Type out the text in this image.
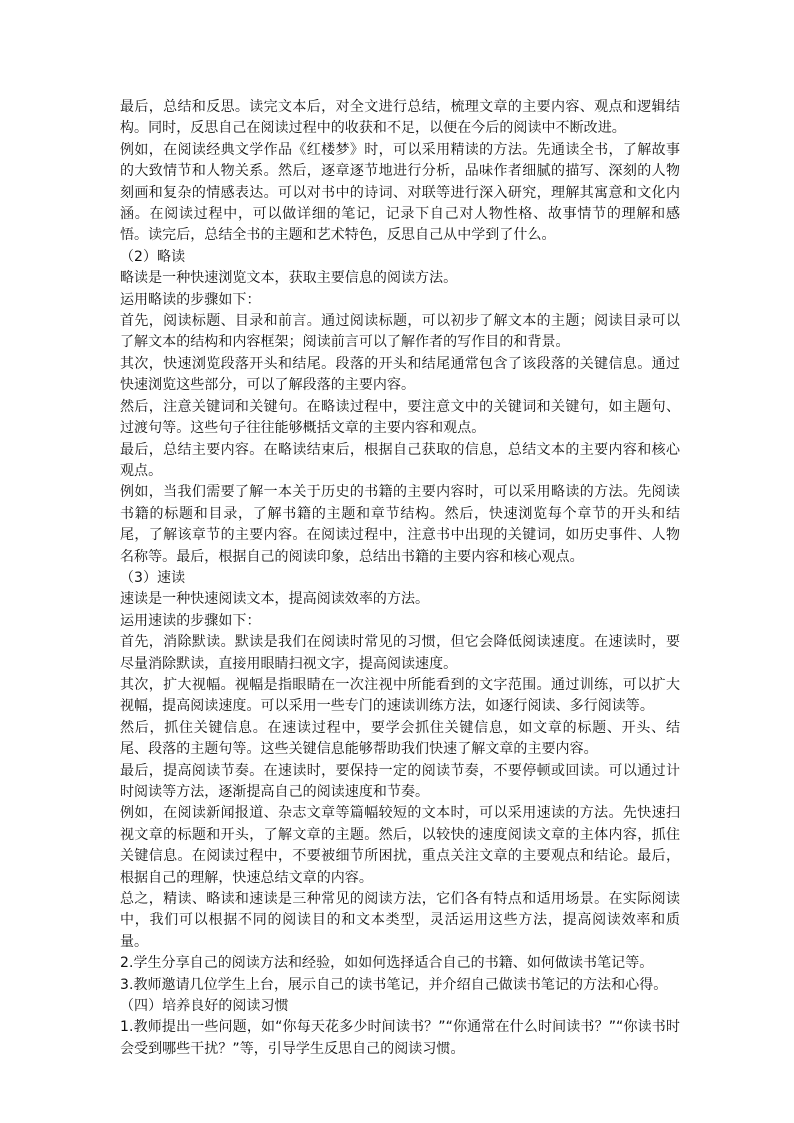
最后，总结和反思。读完文本后，对全文进行总结，梳理文章的主要内容、观点和逻辑结构。同时，反思自己在阅读过程中的收获和不足，以便在今后的阅读中不断改进。

例如，在阅读经典文学作品《红楼梦》时，可以采用精读的方法。先通读全书，了解故事的大致情节和人物关系。然后，逐章逐节地进行分析，品味作者细腻的描写、深刻的人物刻画和复杂的情感表达。可以对书中的诗词、对联等进行深入研究，理解其寓意和文化内涵。在阅读过程中，可以做详细的笔记，记录下自己对人物性格、故事情节的理解和感悟。读完后，总结全书的主题和艺术特色，反思自己从中学到了什么。

（2）略读

略读是一种快速浏览文本，获取主要信息的阅读方法。

运用略读的步骤如下：

首先，阅读标题、目录和前言。通过阅读标题，可以初步了解文本的主题；阅读目录可以了解文本的结构和内容框架；阅读前言可以了解作者的写作目的和背景。

其次，快速浏览段落开头和结尾。段落的开头和结尾通常包含了该段落的关键信息。通过快速浏览这些部分，可以了解段落的主要内容。

然后，注意关键词和关键句。在略读过程中，要注意文中的关键词和关键句，如主题句、过渡句等。这些句子往往能够概括文章的主要内容和观点。

最后，总结主要内容。在略读结束后，根据自己获取的信息，总结文本的主要内容和核心观点。

例如，当我们需要了解一本关于历史的书籍的主要内容时，可以采用略读的方法。先阅读书籍的标题和目录，了解书籍的主题和章节结构。然后，快速浏览每个章节的开头和结尾，了解该章节的主要内容。在阅读过程中，注意书中出现的关键词，如历史事件、人物名称等。最后，根据自己的阅读印象，总结出书籍的主要内容和核心观点。

（3）速读

速读是一种快速阅读文本，提高阅读效率的方法。

运用速读的步骤如下：

首先，消除默读。默读是我们在阅读时常见的习惯，但它会降低阅读速度。在速读时，要尽量消除默读，直接用眼睛扫视文字，提高阅读速度。

其次，扩大视幅。视幅是指眼睛在一次注视中所能看到的文字范围。通过训练，可以扩大视幅，提高阅读速度。可以采用一些专门的速读训练方法，如逐行阅读、多行阅读等。

然后，抓住关键信息。在速读过程中，要学会抓住关键信息，如文章的标题、开头、结尾、段落的主题句等。这些关键信息能够帮助我们快速了解文章的主要内容。

最后，提高阅读节奏。在速读时，要保持一定的阅读节奏，不要停顿或回读。可以通过计时阅读等方法，逐渐提高自己的阅读速度和节奏。

例如，在阅读新闻报道、杂志文章等篇幅较短的文本时，可以采用速读的方法。先快速扫视文章的标题和开头，了解文章的主题。然后，以较快的速度阅读文章的主体内容，抓住关键信息。在阅读过程中，不要被细节所困扰，重点关注文章的主要观点和结论。最后，根据自己的理解，快速总结文章的内容。

总之，精读、略读和速读是三种常见的阅读方法，它们各有特点和适用场景。在实际阅读中，我们可以根据不同的阅读目的和文本类型，灵活运用这些方法，提高阅读效率和质量。

2.学生分享自己的阅读方法和经验，如如何选择适合自己的书籍、如何做读书笔记等。

3.教师邀请几位学生上台，展示自己的读书笔记，并介绍自己做读书笔记的方法和心得。

（四）培养良好的阅读习惯

1.教师提出一些问题，如“你每天花多少时间读书？”“你通常在什么时间读书？”“你读书时会受到哪些干扰？”等，引导学生反思自己的阅读习惯。
